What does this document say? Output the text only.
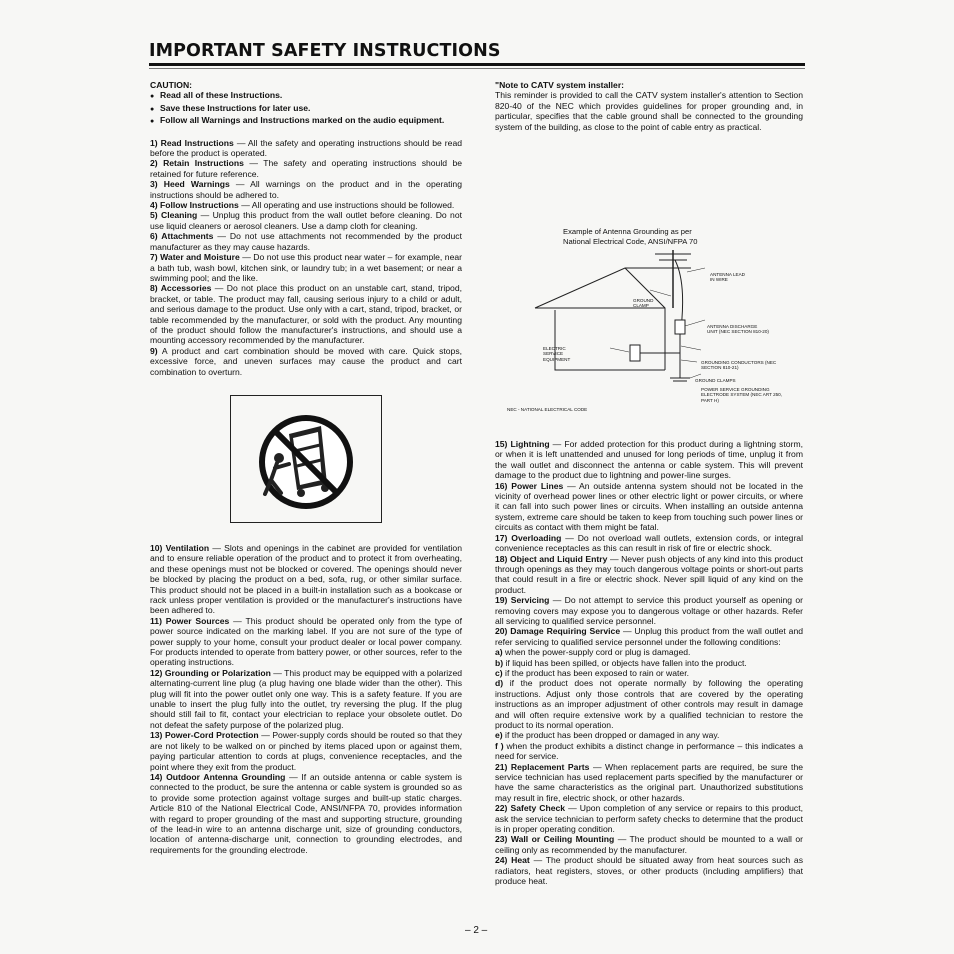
IMPORTANT SAFETY INSTRUCTIONS

CAUTION:

● Read all of these Instructions.

● Save these Instructions for later use.

● Follow all Warnings and Instructions marked on the audio equipment.

1) Read Instructions — All the safety and operating instructions should be read before the product is operated.

2) Retain Instructions — The safety and operating instructions should be retained for future reference.

3) Heed Warnings — All warnings on the product and in the operating instructions should be adhered to.

4) Follow Instructions — All operating and use instructions should be followed.

5) Cleaning — Unplug this product from the wall outlet before cleaning. Do not use liquid cleaners or aerosol cleaners. Use a damp cloth for cleaning.

6) Attachments — Do not use attachments not recommended by the product manufacturer as they may cause hazards.

7) Water and Moisture — Do not use this product near water – for example, near a bath tub, wash bowl, kitchen sink, or laundry tub; in a wet basement; or near a swimming pool; and the like.

8) Accessories — Do not place this product on an unstable cart, stand, tripod, bracket, or table. The product may fall, causing serious injury to a child or adult, and serious damage to the product. Use only with a cart, stand, tripod, bracket, or table recommended by the manufacturer, or sold with the product. Any mounting of the product should follow the manufacturer's instructions, and should use a mounting accessory recommended by the manufacturer.

9) A product and cart combination should be moved with care. Quick stops, excessive force, and uneven surfaces may cause the product and cart combination to overturn.

10) Ventilation — Slots and openings in the cabinet are provided for ventilation and to ensure reliable operation of the product and to protect it from overheating, and these openings must not be blocked or covered. The openings should never be blocked by placing the product on a bed, sofa, rug, or other similar surface. This product should not be placed in a built-in installation such as a bookcase or rack unless proper ventilation is provided or the manufacturer's instructions have been adhered to.

11) Power Sources — This product should be operated only from the type of power source indicated on the marking label. If you are not sure of the type of power supply to your home, consult your product dealer or local power company. For products intended to operate from battery power, or other sources, refer to the operating instructions.

12) Grounding or Polarization — This product may be equipped with a polarized alternating-current line plug (a plug having one blade wider than the other). This plug will fit into the power outlet only one way. This is a safety feature. If you are unable to insert the plug fully into the outlet, try reversing the plug. If the plug should still fail to fit, contact your electrician to replace your obsolete outlet. Do not defeat the safety purpose of the polarized plug.

13) Power-Cord Protection — Power-supply cords should be routed so that they are not likely to be walked on or pinched by items placed upon or against them, paying particular attention to cords at plugs, convenience receptacles, and the point where they exit from the product.

14) Outdoor Antenna Grounding — If an outside antenna or cable system is connected to the product, be sure the antenna or cable system is grounded so as to provide some protection against voltage surges and built-up static charges. Article 810 of the National Electrical Code, ANSI/NFPA 70, provides information with regard to proper grounding of the mast and supporting structure, grounding of the lead-in wire to an antenna discharge unit, size of grounding conductors, location of antenna-discharge unit, connection to grounding electrodes, and requirements for the grounding electrode.

"Note to CATV system installer:

This reminder is provided to call the CATV system installer's attention to Section 820-40 of the NEC which provides guidelines for proper grounding and, in particular, specifies that the cable ground shall be connected to the grounding system of the building, as close to the point of cable entry as practical.

Example of Antenna Grounding as per
National Electrical Code, ANSI/NFPA 70
ANTENNA LEAD IN WIRE
GROUND CLAMP
ANTENNA DISCHARGE UNIT (NEC SECTION 810-20)
ELECTRIC SERVICE EQUIPMENT
GROUNDING CONDUCTORS (NEC SECTION 810-21)
GROUND CLAMPS
POWER SERVICE GROUNDING ELECTRODE SYSTEM (NEC ART 250, PART H)
NEC - NATIONAL ELECTRICAL CODE

15) Lightning — For added protection for this product during a lightning storm, or when it is left unattended and unused for long periods of time, unplug it from the wall outlet and disconnect the antenna or cable system. This will prevent damage to the product due to lightning and power-line surges.

16) Power Lines — An outside antenna system should not be located in the vicinity of overhead power lines or other electric light or power circuits, or where it can fall into such power lines or circuits. When installing an outside antenna system, extreme care should be taken to keep from touching such power lines or circuits as contact with them might be fatal.

17) Overloading — Do not overload wall outlets, extension cords, or integral convenience receptacles as this can result in risk of fire or electric shock.

18) Object and Liquid Entry — Never push objects of any kind into this product through openings as they may touch dangerous voltage points or short-out parts that could result in a fire or electric shock. Never spill liquid of any kind on the product.

19) Servicing — Do not attempt to service this product yourself as opening or removing covers may expose you to dangerous voltage or other hazards. Refer all servicing to qualified service personnel.

20) Damage Requiring Service — Unplug this product from the wall outlet and refer servicing to qualified service personnel under the following conditions:

a) when the power-supply cord or plug is damaged.

b) if liquid has been spilled, or objects have fallen into the product.

c) if the product has been exposed to rain or water.

d) if the product does not operate normally by following the operating instructions. Adjust only those controls that are covered by the operating instructions as an improper adjustment of other controls may result in damage and will often require extensive work by a qualified technician to restore the product to its normal operation.

e) if the product has been dropped or damaged in any way.

f ) when the product exhibits a distinct change in performance – this indicates a need for service.

21) Replacement Parts — When replacement parts are required, be sure the service technician has used replacement parts specified by the manufacturer or have the same characteristics as the original part. Unauthorized substitutions may result in fire, electric shock, or other hazards.

22) Safety Check — Upon completion of any service or repairs to this product, ask the service technician to perform safety checks to determine that the product is in proper operating condition.

23) Wall or Ceiling Mounting — The product should be mounted to a wall or ceiling only as recommended by the manufacturer.

24) Heat — The product should be situated away from heat sources such as radiators, heat registers, stoves, or other products (including amplifiers) that produce heat.

– 2 –
